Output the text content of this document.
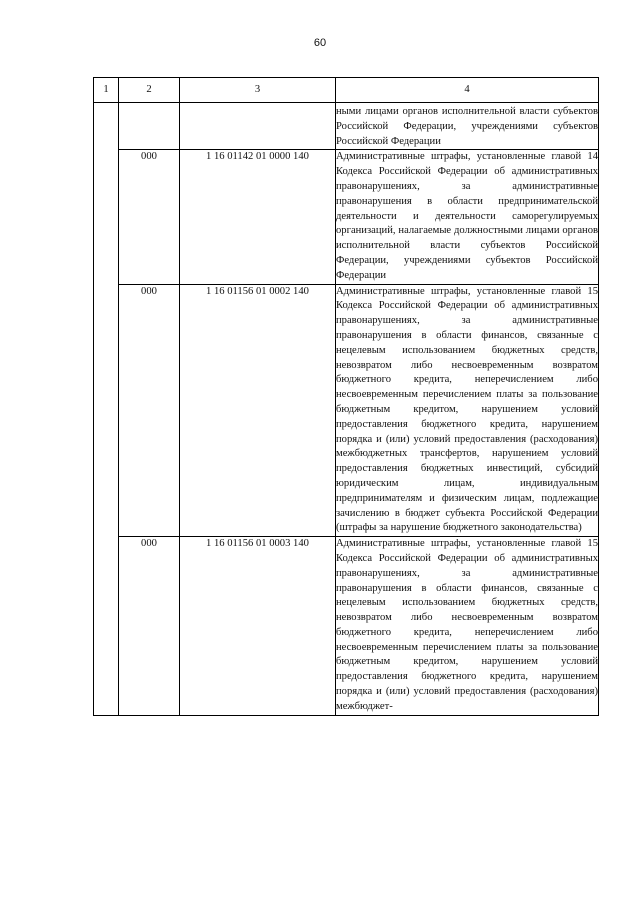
60
1	2	3	4
			ными лицами органов исполнительной власти субъектов Российской Федерации, учреждениями субъектов Российской Федерации
	000	1 16 01142 01 0000 140	Административные штрафы, установленные главой 14 Кодекса Российской Федерации об административных правонарушениях, за административные правонарушения в области предпринимательской деятельности и деятельности саморегулируемых организаций, налагаемые должностными лицами органов исполнительной власти субъектов Российской Федерации, учреждениями субъектов Российской Федерации
	000	1 16 01156 01 0002 140	Административные штрафы, установленные главой 15 Кодекса Российской Федерации об административных правонарушениях, за административные правонарушения в области финансов, связанные с нецелевым использованием бюджетных средств, невозвратом либо несвоевременным возвратом бюджетного кредита, неперечислением либо несвоевременным перечислением платы за пользование бюджетным кредитом, нарушением условий предоставления бюджетного кредита, нарушением порядка и (или) условий предоставления (расходования) межбюджетных трансфертов, нарушением условий предоставления бюджетных инвестиций, субсидий юридическим лицам, индивидуальным предпринимателям и физическим лицам, подлежащие зачислению в бюджет субъекта Российской Федерации (штрафы за нарушение бюджетного законодательства)
	000	1 16 01156 01 0003 140	Административные штрафы, установленные главой 15 Кодекса Российской Федерации об административных правонарушениях, за административные правонарушения в области финансов, связанные с нецелевым использованием бюджетных средств, невозвратом либо несвоевременным возвратом бюджетного кредита, неперечислением либо несвоевременным перечислением платы за пользование бюджетным кредитом, нарушением условий предоставления бюджетного кредита, нарушением порядка и (или) условий предоставления (расходования) межбюджет-
